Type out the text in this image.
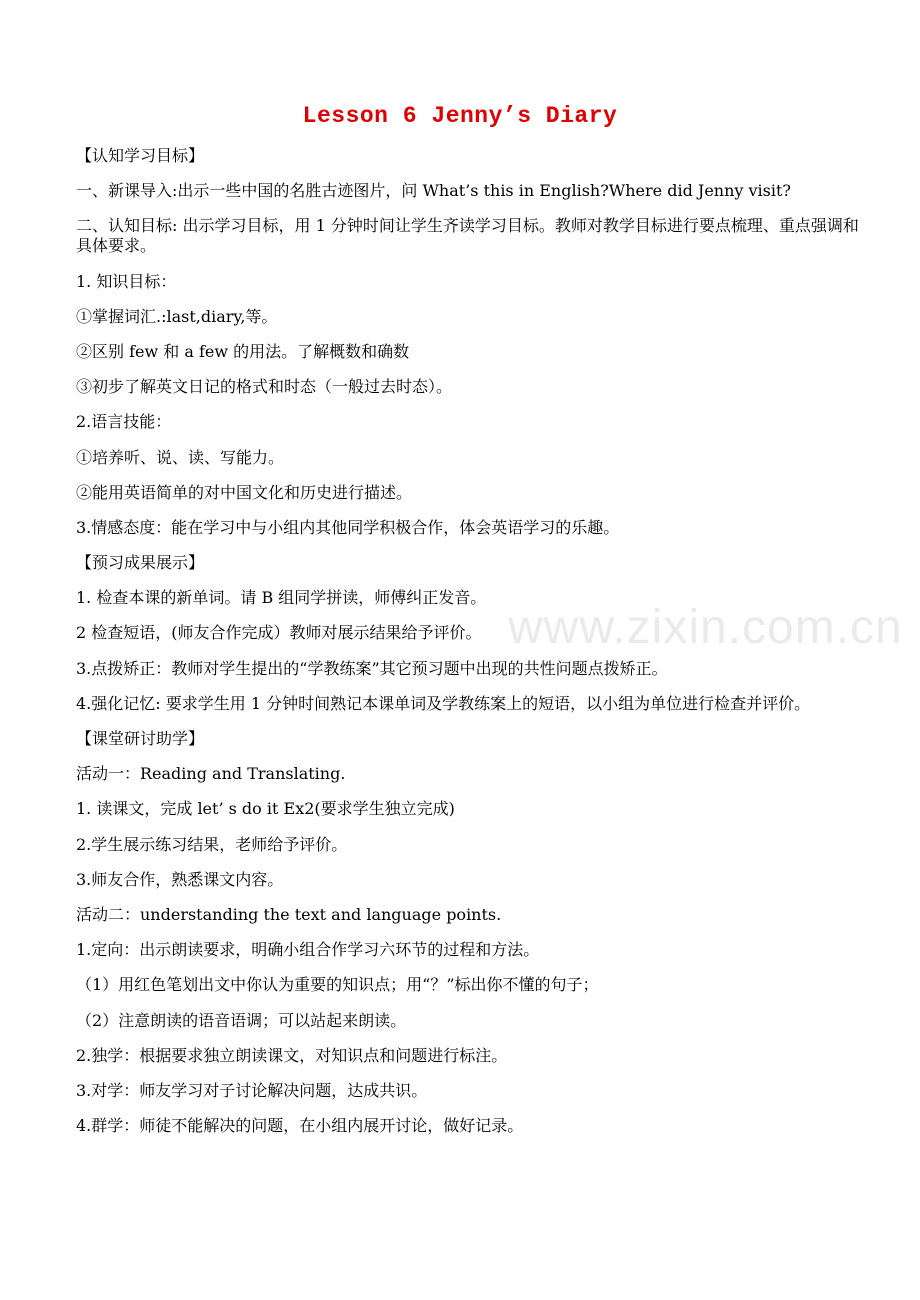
Lesson 6 Jenny’s Diary
【认知学习目标】
一、新课导入:出示一些中国的名胜古迹图片，问 What’s this in English?Where did Jenny visit?
二、认知目标: 出示学习目标，用 1 分钟时间让学生齐读学习目标。教师对教学目标进行要点梳理、重点强调和具体要求。
1. 知识目标：
①掌握词汇.:last,diary,等。
②区别 few 和 a few 的用法。了解概数和确数
③初步了解英文日记的格式和时态（一般过去时态）。
2.语言技能：
①培养听、说、读、写能力。
②能用英语简单的对中国文化和历史进行描述。
3.情感态度：能在学习中与小组内其他同学积极合作，体会英语学习的乐趣。
【预习成果展示】
1. 检查本课的新单词。请 B 组同学拼读，师傅纠正发音。
2 检查短语，(师友合作完成）教师对展示结果给予评价。
3.点拨矫正：教师对学生提出的“学教练案”其它预习题中出现的共性问题点拨矫正。
4.强化记忆: 要求学生用 1 分钟时间熟记本课单词及学教练案上的短语，以小组为单位进行检查并评价。
【课堂研讨助学】
活动一：Reading and Translating.
1. 读课文，完成 let’ s do it Ex2(要求学生独立完成)
2.学生展示练习结果，老师给予评价。
3.师友合作，熟悉课文内容。
活动二：understanding the text and language points.
1.定向：出示朗读要求，明确小组合作学习六环节的过程和方法。
（1）用红色笔划出文中你认为重要的知识点；用“？”标出你不懂的句子；
（2）注意朗读的语音语调；可以站起来朗读。
2.独学：根据要求独立朗读课文，对知识点和问题进行标注。
3.对学：师友学习对子讨论解决问题，达成共识。
4.群学：师徒不能解决的问题，在小组内展开讨论，做好记录。
www.zixin.com.cn
